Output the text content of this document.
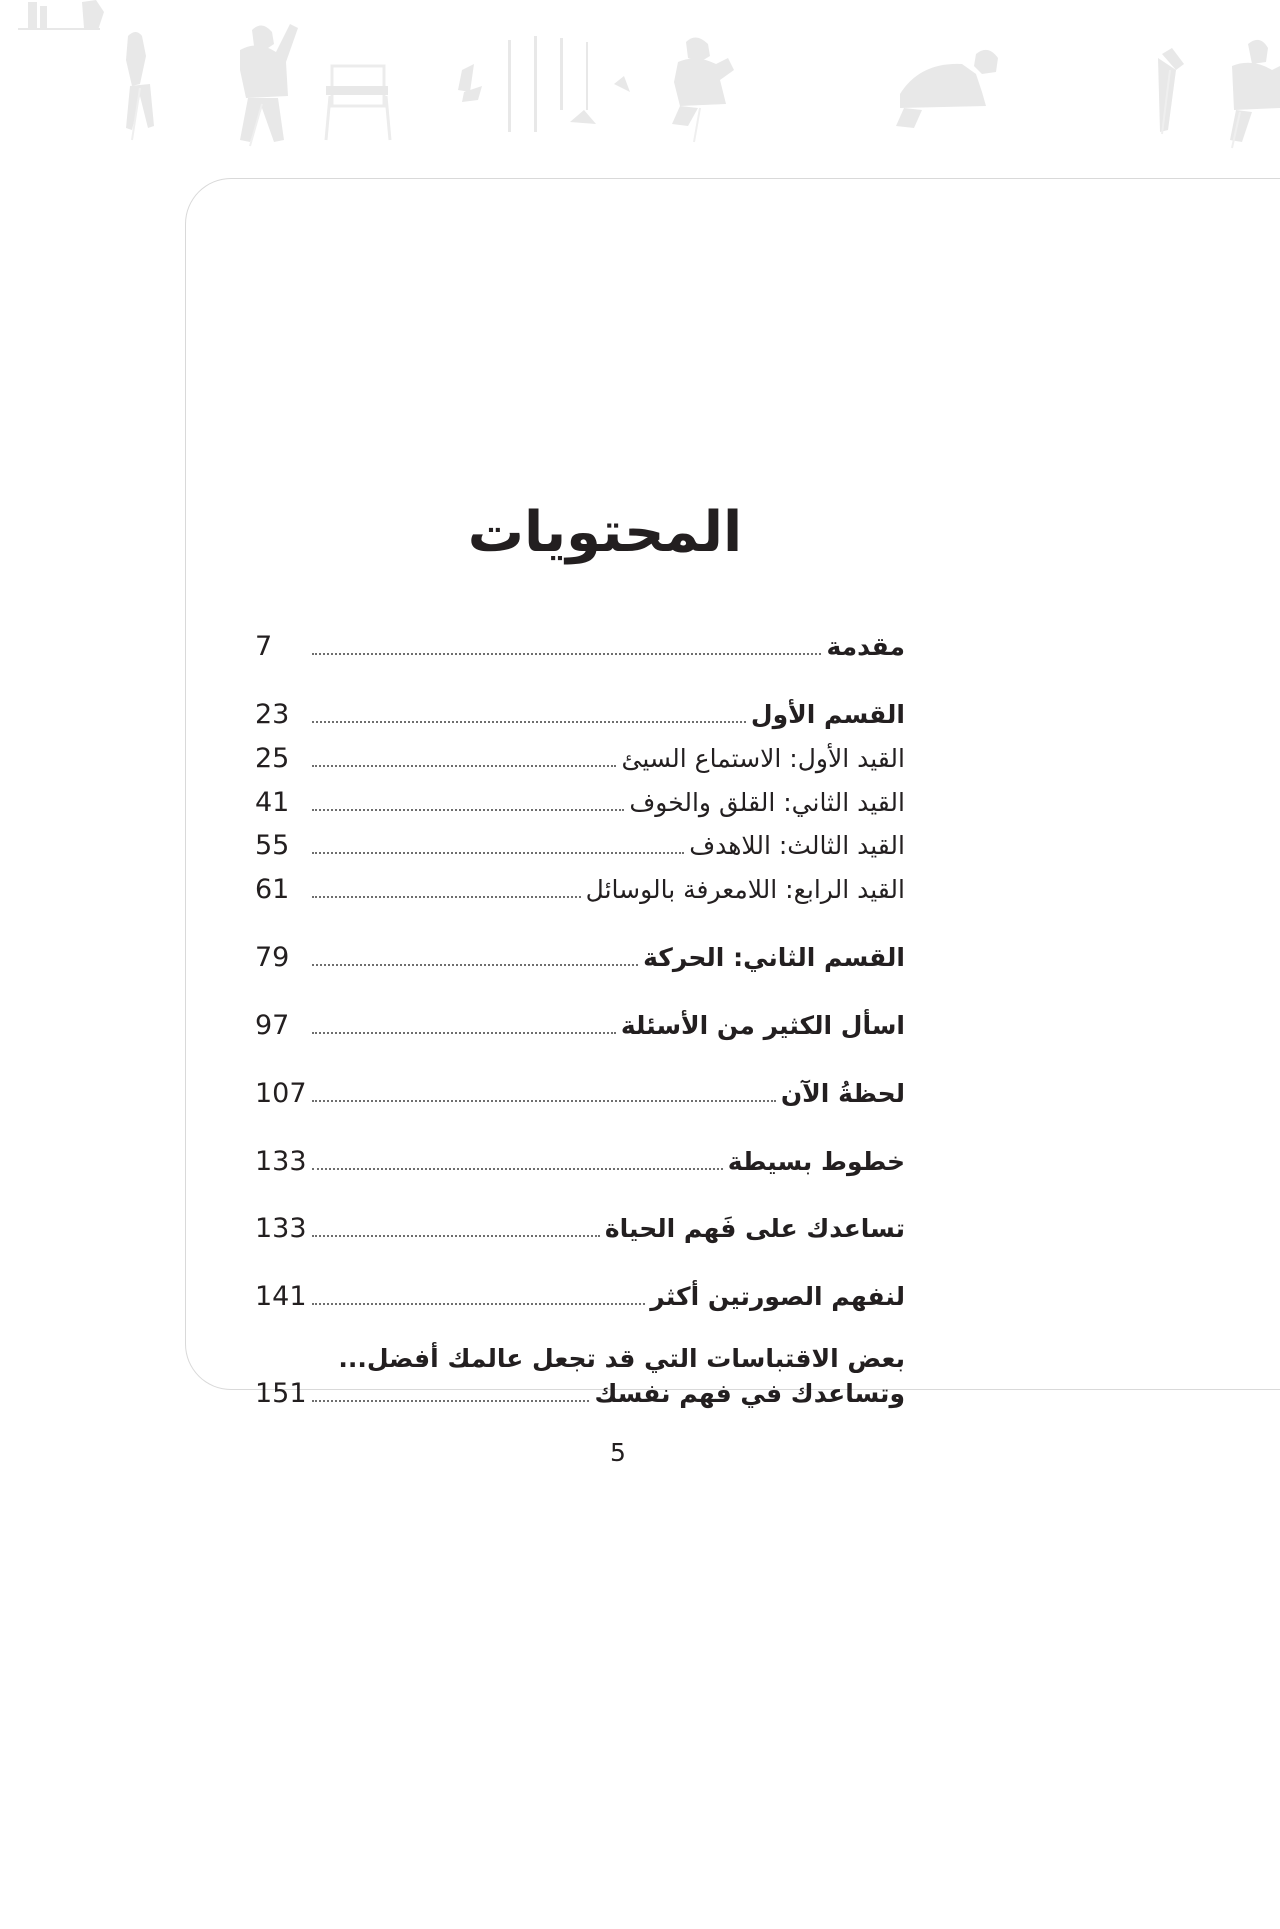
المحتويات
مقدمة
7
القسم الأول
23
القيد الأول: الاستماع السيئ
25
القيد الثاني: القلق والخوف
41
القيد الثالث: اللاهدف
55
القيد الرابع: اللامعرفة بالوسائل
61
القسم الثاني: الحركة
79
اسأل الكثير من الأسئلة
97
لحظةُ الآن
107
خطوط بسيطة
133
تساعدك على فَهم الحياة
133
لنفهم الصورتين أكثر
141
بعض الاقتباسات التي قد تجعل عالمك أفضل...
وتساعدك في فهم نفسك
151
5
